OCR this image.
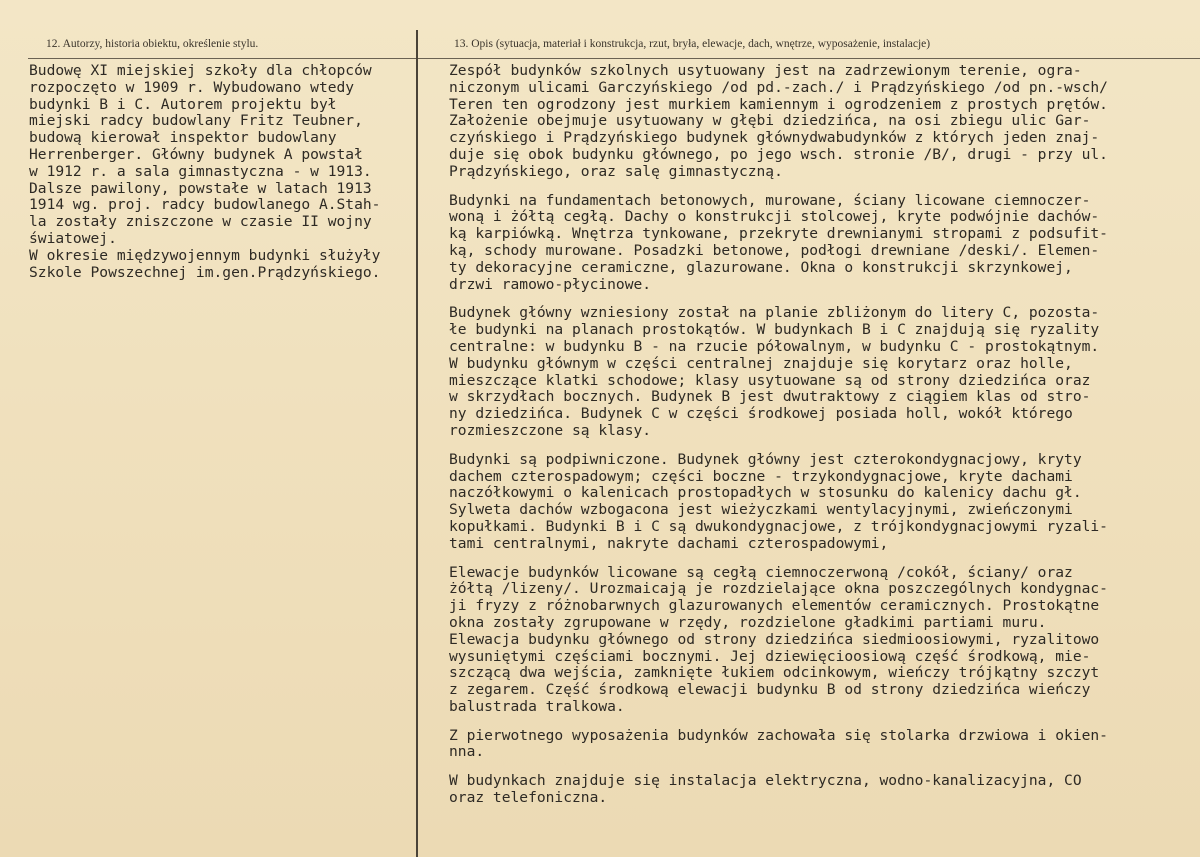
12. Autorzy, historia obiektu, określenie stylu.	13. Opis (sytuacja, materiał i konstrukcja, rzut, bryła, elewacje, dach, wnętrze, wyposażenie, instalacje)
Budowę XI miejskiej szkoły dla chłopców
rozpoczęto w 1909 r. Wybudowano wtedy
budynki B i C. Autorem projektu był
miejski radcy budowlany Fritz Teubner,
budową kierował inspektor budowlany
Herrenberger. Główny budynek A powstał
w 1912 r. a sala gimnastyczna - w 1913.
Dalsze pawilony, powstałe w latach 1913
1914 wg. proj. radcy budowlanego A.Stah-
la zostały zniszczone w czasie II wojny
światowej.
W okresie międzywojennym budynki służyły
Szkole Powszechnej im.gen.Prądzyńskiego.
Zespół budynków szkolnych usytuowany jest na zadrzewionym terenie, ogra-
niczonym ulicami Garczyńskiego /od pd.-zach./ i Prądzyńskiego /od pn.-wsch/
Teren ten ogrodzony jest murkiem kamiennym i ogrodzeniem z prostych prętów.
Założenie obejmuje usytuowany w głębi dziedzińca, na osi zbiegu ulic Gar-
czyńskiego i Prądzyńskiego budynek głównydwabudynków z których jeden znaj-
duje się obok budynku głównego, po jego wsch. stronie /B/, drugi - przy ul.
Prądzyńskiego, oraz salę gimnastyczną.
Budynki na fundamentach betonowych, murowane, ściany licowane ciemnoczer-
woną i żółtą cegłą. Dachy o konstrukcji stolcowej, kryte podwójnie dachów-
ką karpiówką. Wnętrza tynkowane, przekryte drewnianymi stropami z podsufit-
ką, schody murowane. Posadzki betonowe, podłogi drewniane /deski/. Elemen-
ty dekoracyjne ceramiczne, glazurowane. Okna o konstrukcji skrzynkowej,
drzwi ramowo-płycinowe.
Budynek główny wzniesiony został na planie zbliżonym do litery C, pozosta-
łe budynki na planach prostokątów. W budynkach B i C znajdują się ryzality
centralne: w budynku B - na rzucie półowalnym, w budynku C - prostokątnym.
W budynku głównym w części centralnej znajduje się korytarz oraz holle,
mieszczące klatki schodowe; klasy usytuowane są od strony dziedzińca oraz
w skrzydłach bocznych. Budynek B jest dwutraktowy z ciągiem klas od stro-
ny dziedzińca. Budynek C w części środkowej posiada holl, wokół którego
rozmieszczone są klasy.
Budynki są podpiwniczone. Budynek główny jest czterokondygnacjowy, kryty
dachem czterospadowym; części boczne - trzykondygnacjowe, kryte dachami
naczółkowymi o kalenicach prostopadłych w stosunku do kalenicy dachu gł.
Sylweta dachów wzbogacona jest wieżyczkami wentylacyjnymi, zwieńczonymi
kopułkami. Budynki B i C są dwukondygnacjowe, z trójkondygnacjowymi ryzali-
tami centralnymi, nakryte dachami czterospadowymi,
Elewacje budynków licowane są cegłą ciemnoczerwoną /cokół, ściany/ oraz
żółtą /lizeny/. Urozmaicają je rozdzielające okna poszczególnych kondygnac-
ji fryzy z różnobarwnych glazurowanych elementów ceramicznych. Prostokątne
okna zostały zgrupowane w rzędy, rozdzielone gładkimi partiami muru.
Elewacja budynku głównego od strony dziedzińca siedmioosiowymi, ryzalitowo
wysuniętymi częściami bocznymi. Jej dziewięcioosiową część środkową, mie-
szczącą dwa wejścia, zamknięte łukiem odcinkowym, wieńczy trójkątny szczyt
z zegarem. Część środkową elewacji budynku B od strony dziedzińca wieńczy
balustrada tralkowa.
Z pierwotnego wyposażenia budynków zachowała się stolarka drzwiowa i okien-
nna.
W budynkach znajduje się instalacja elektryczna, wodno-kanalizacyjna, CO
oraz telefoniczna.
